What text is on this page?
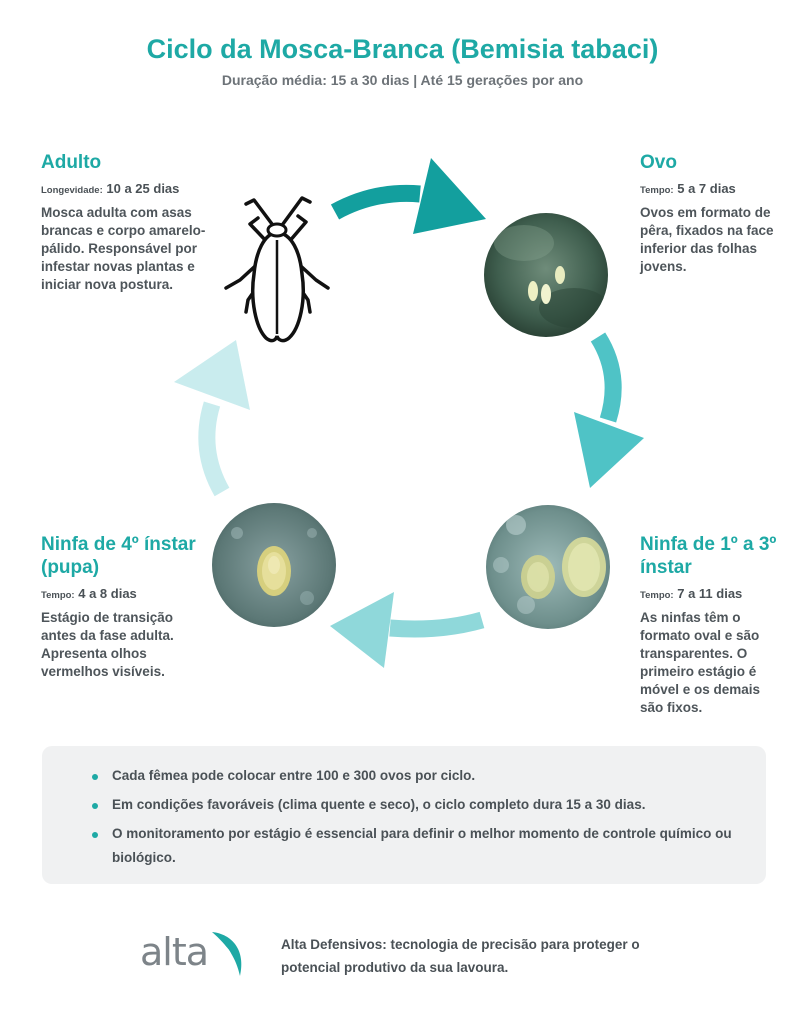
Ciclo da Mosca-Branca (Bemisia tabaci)
Duração média: 15 a 30 dias | Até 15 gerações por ano
Adulto
Longevidade: 10 a 25 dias

Mosca adulta com asas brancas e corpo amarelo-pálido. Responsável por infestar novas plantas e iniciar nova postura.

Ovo
Tempo: 5 a 7 dias

Ovos em formato de pêra, fixados na face inferior das folhas jovens.

Ninfa de 1º a 3º ínstar
Tempo: 7 a 11 dias

As ninfas têm o formato oval e são transparentes. O primeiro estágio é móvel e os demais são fixos.

Ninfa de 4º ínstar (pupa)
Tempo: 4 a 8 dias

Estágio de transição antes da fase adulta. Apresenta olhos vermelhos visíveis.

Cada fêmea pode colocar entre 100 e 300 ovos por ciclo.
Em condições favoráveis (clima quente e seco), o ciclo completo dura 15 a 30 dias.
O monitoramento por estágio é essencial para definir o melhor momento de controle químico ou biológico.
alta	Alta Defensivos: tecnologia de precisão para proteger o potencial produtivo da sua lavoura.
